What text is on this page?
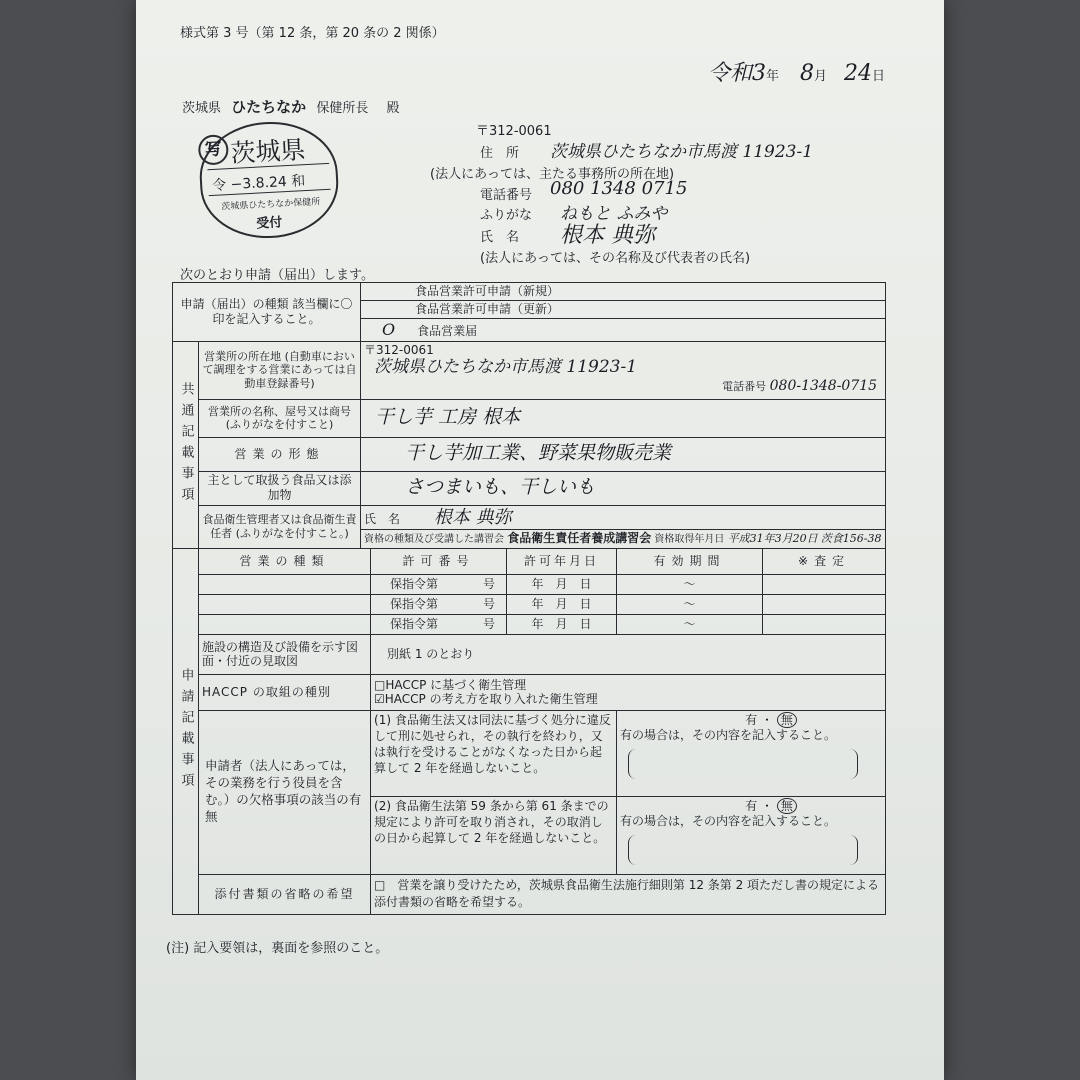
様式第 3 号（第 12 条，第 20 条の 2 関係）
令和3年 8月 24日
茨城県 ひたちなか 保健所長 殿
写 茨城県
令 −3.8.24 和
茨城県ひたちなか保健所
受付
〒312-0061
住　所 茨城県ひたちなか市馬渡 11923-1
(法人にあっては、主たる事務所の所在地)
電話番号 080 1348 0715
ふりがな ねもと ふみや
氏　名 根本 典弥
(法人にあっては、その名称及び代表者の氏名)
次のとおり申請（届出）します。
申請（届出）の種類 該当欄に〇印を記入すること。		食品営業許可申請（新規）				
		食品営業許可申請（更新）				
		O 食品営業届				
共通記載事項	営業所の所在地 (自動車において調理をする営業にあっては自動車登録番号)	〒312-0061
茨城県ひたちなか市馬渡 11923-1
電話番号 080-1348-0715				

	営業所の名称、屋号又は商号 (ふりがなを付すこと)	干し芋 工房 根本				
	営業の形態	干し芋加工業、野菜果物販売業				
	主として取扱う食品又は添加物	さつまいも、干しいも				
	食品衛生管理者又は食品衛生責任者 (ふりがなを付すこと。)	氏　名 根本 典弥				
		資格の種類及び受講した講習会 食品衛生責任者養成講習会 資格取得年月日 平成31年3月20日 茨食156-38				
申請記載事項	営業の種類		許可番号	許可年月日	有効期間	※査定
			保指令第 号	年　月　日	〜	
			保指令第 号	年　月　日	〜	
			保指令第 号	年　月　日	〜	
	施設の構造及び設備を示す図面・付近の見取図		別紙 1 のとおり			
	HACCP の取組の種別		□HACCP に基づく衛生管理
☑HACCP の考え方を取り入れた衛生管理			

	申請者（法人にあっては，その業務を行う役員を含む。）の欠格事項の該当の有無		(1) 食品衛生法又は同法に基づく処分に違反して刑に処せられ，その執行を終わり，又は執行を受けることがなくなった日から起算して 2 年を経過しないこと。		有 ・ 無
有の場合は，その内容を記入すること。	

			(2) 食品衛生法第 59 条から第 61 条までの規定により許可を取り消され，その取消しの日から起算して 2 年を経過しないこと。		有 ・ 無
有の場合は，その内容を記入すること。	

	添付書類の省略の希望		□　営業を譲り受けたため，茨城県食品衛生法施行細則第 12 条第 2 項ただし書の規定による添付書類の省略を希望する。			
(注) 記入要領は，裏面を参照のこと。
